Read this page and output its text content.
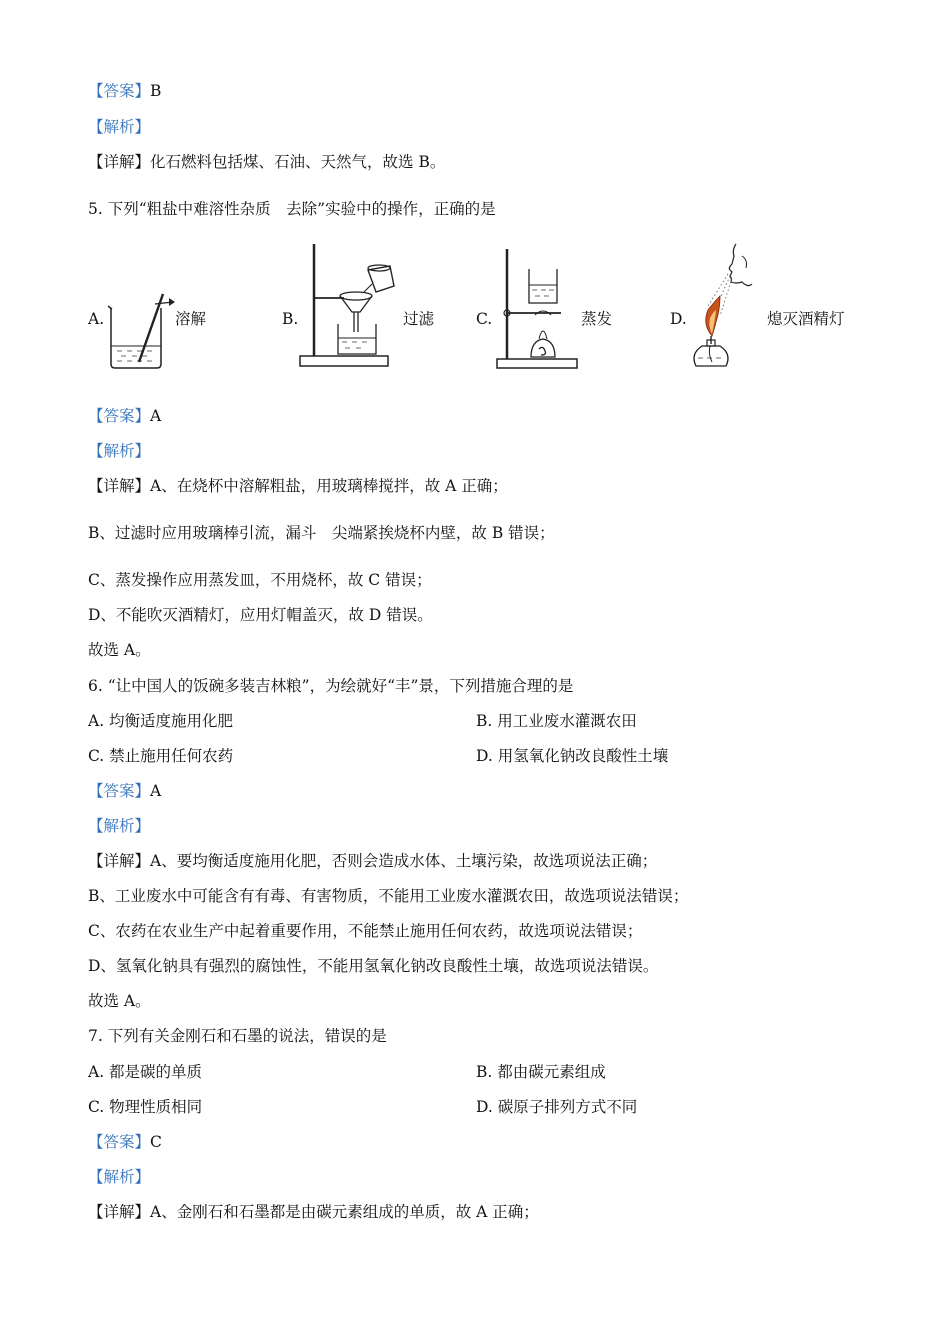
【答案】B
【解析】
【详解】化石燃料包括煤、石油、天然气，故选 B。
5. 下列“粗盐中难溶性杂质　去除”实验中的操作，正确的是
A.	溶解	B.	过滤	C.	蒸发	D.	熄灭酒精灯
【答案】A
【解析】
【详解】A、在烧杯中溶解粗盐，用玻璃棒搅拌，故 A 正确；
B、过滤时应用玻璃棒引流，漏斗　尖端紧挨烧杯内壁，故 B 错误；
C、蒸发操作应用蒸发皿，不用烧杯，故 C 错误；
D、不能吹灭酒精灯，应用灯帽盖灭，故 D 错误。
故选 A。
6. “让中国人的饭碗多装吉林粮”，为绘就好“丰”景，下列措施合理的是
A. 均衡适度施用化肥	B. 用工业废水灌溉农田
C. 禁止施用任何农药	D. 用氢氧化钠改良酸性土壤
【答案】A
【解析】
【详解】A、要均衡适度施用化肥，否则会造成水体、土壤污染，故选项说法正确；
B、工业废水中可能含有有毒、有害物质，不能用工业废水灌溉农田，故选项说法错误；
C、农药在农业生产中起着重要作用，不能禁止施用任何农药，故选项说法错误；
D、氢氧化钠具有强烈的腐蚀性，不能用氢氧化钠改良酸性土壤，故选项说法错误。
故选 A。
7. 下列有关金刚石和石墨的说法，错误的是
A. 都是碳的单质	B. 都由碳元素组成
C. 物理性质相同	D. 碳原子排列方式不同
【答案】C
【解析】
【详解】A、金刚石和石墨都是由碳元素组成的单质，故 A 正确；
